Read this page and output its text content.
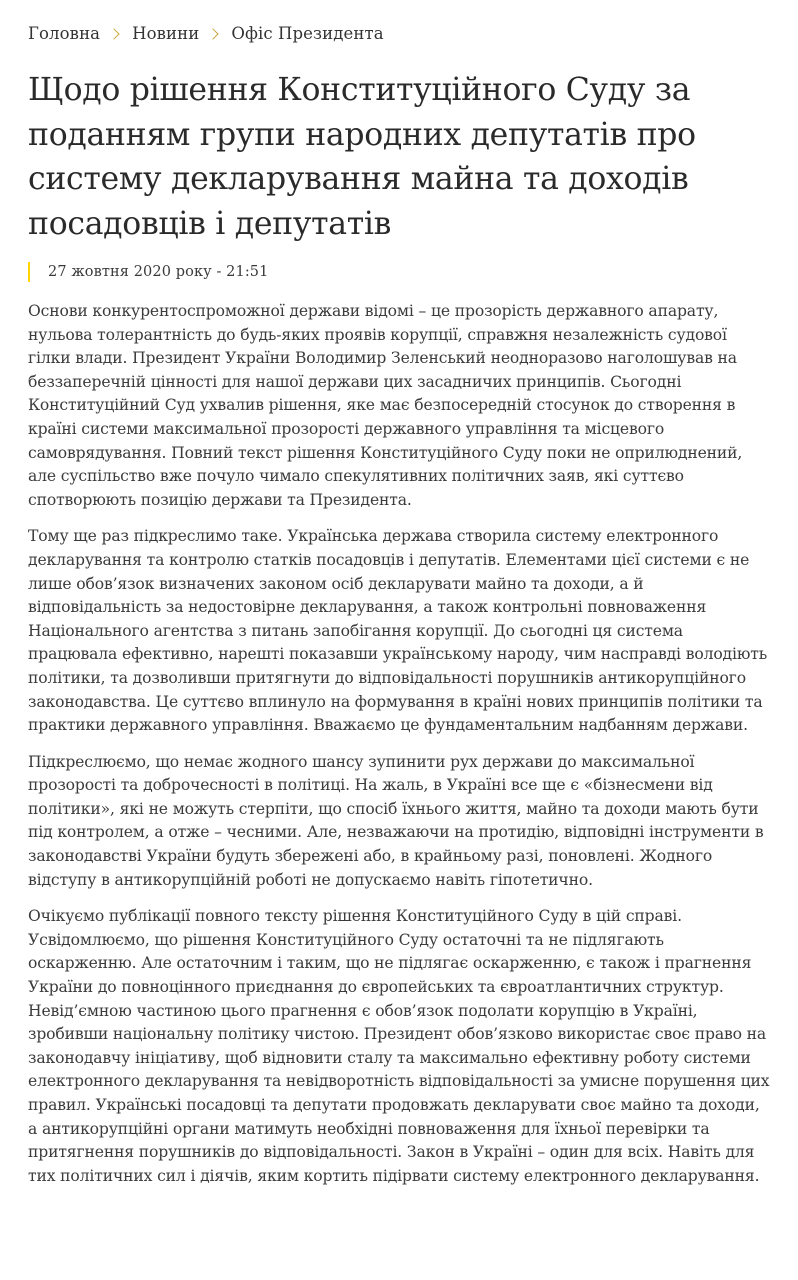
Головна Новини Офіс Президента
Щодо рішення Конституційного Суду за поданням групи народних депутатів про систему декларування майна та доходів посадовців і депутатів
27 жовтня 2020 року - 21:51

Основи конкурентоспроможної держави відомі – це прозорість державного апарату, нульова толерантність до будь-яких проявів корупції, справжня незалежність судової гілки влади. Президент України Володимир Зеленський неодноразово наголошував на беззаперечній цінності для нашої держави цих засадничих принципів. Сьогодні Конституційний Суд ухвалив рішення, яке має безпосередній стосунок до створення в країні системи максимальної прозорості державного управління та місцевого самоврядування. Повний текст рішення Конституційного Суду поки не оприлюднений, але суспільство вже почуло чимало спекулятивних політичних заяв, які суттєво спотворюють позицію держави та Президента.

Тому ще раз підкреслимо таке. Українська держава створила систему електронного декларування та контролю статків посадовців і депутатів. Елементами цієї системи є не лише обов’язок визначених законом осіб декларувати майно та доходи, а й відповідальність за недостовірне декларування, а також контрольні повноваження Національного агентства з питань запобігання корупції. До сьогодні ця система працювала ефективно, нарешті показавши українському народу, чим насправді володіють політики, та дозволивши притягнути до відповідальності порушників антикорупційного законодавства. Це суттєво вплинуло на формування в країні нових принципів політики та практики державного управління. Вважаємо це фундаментальним надбанням держави.

Підкреслюємо, що немає жодного шансу зупинити рух держави до максимальної прозорості та доброчесності в політиці. На жаль, в Україні все ще є «бізнесмени від політики», які не можуть стерпіти, що спосіб їхнього життя, майно та доходи мають бути під контролем, а отже – чесними. Але, незважаючи на протидію, відповідні інструменти в законодавстві України будуть збережені або, в крайньому разі, поновлені. Жодного відступу в антикорупційній роботі не допускаємо навіть гіпотетично.

Очікуємо публікації повного тексту рішення Конституційного Суду в цій справі. Усвідомлюємо, що рішення Конституційного Суду остаточні та не підлягають оскарженню. Але остаточним і таким, що не підлягає оскарженню, є також і прагнення України до повноцінного приєднання до європейських та євроатлантичних структур. Невід’ємною частиною цього прагнення є обов’язок подолати корупцію в Україні, зробивши національну політику чистою. Президент обов’язково використає своє право на законодавчу ініціативу, щоб відновити сталу та максимально ефективну роботу системи електронного декларування та невідворотність відповідальності за умисне порушення цих правил. Українські посадовці та депутати продовжать декларувати своє майно та доходи, а антикорупційні органи матимуть необхідні повноваження для їхньої перевірки та притягнення порушників до відповідальності. Закон в Україні – один для всіх. Навіть для тих політичних сил і діячів, яким кортить підірвати систему електронного декларування.
